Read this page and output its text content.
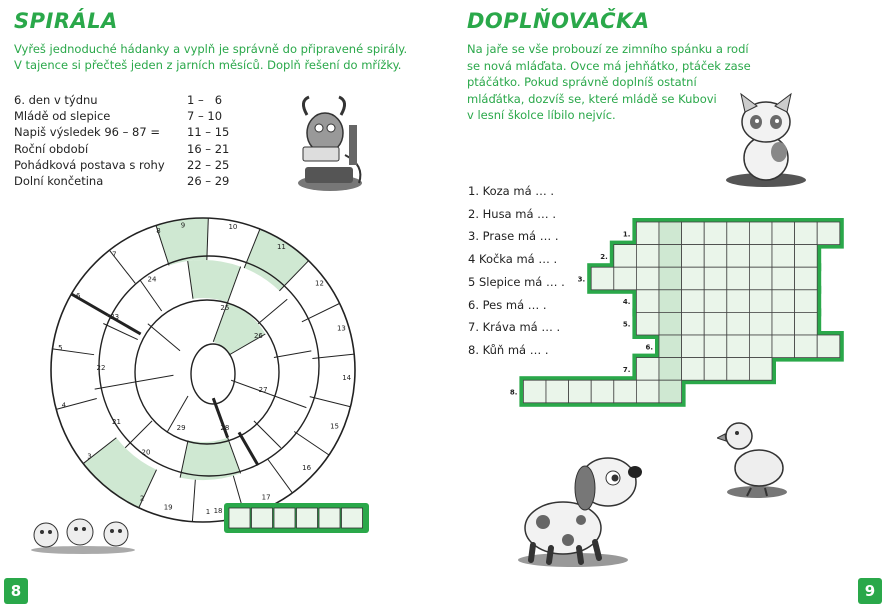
SPIRÁLA
Vyřeš jednoduché hádanky a vyplň je správně do připravené spirály.
V tajence si přečteš jeden z jarních měsíců. Doplň řešení do mřížky.
6. den v týdnu	1 –   6
Mládě od slepice	7 – 10
Napiš výsledek 96 – 87 = 11 – 15
Roční období	16 – 21
Pohádková postava s rohy 22 – 25
Dolní končetina	26 – 29
1
2
3
4
5
6
7
8
9	10
11
12
13
14
15
16
17
18
19
20
21
22
23
24
25
26
27
28
29
8
DOPLŇOVAČKA
Na jaře se vše probouzí ze zimního spánku a rodí
se nová mláďata. Ovce má jehňátko, ptáček zase
ptáčátko. Pokud správně doplníš ostatní
mláďátka, dozvíš se, které mládě se Kubovi
v lesní školce líbilo nejvíc.
1. Koza má … .
2. Husa má … .
3. Prase má … .
4 Kočka má … .
5 Slepice má … .
6. Pes má … .
7. Kráva má … .
8. Kůň má … .
1.
2.
3.
4.
5.
6.
7.
8.
9
